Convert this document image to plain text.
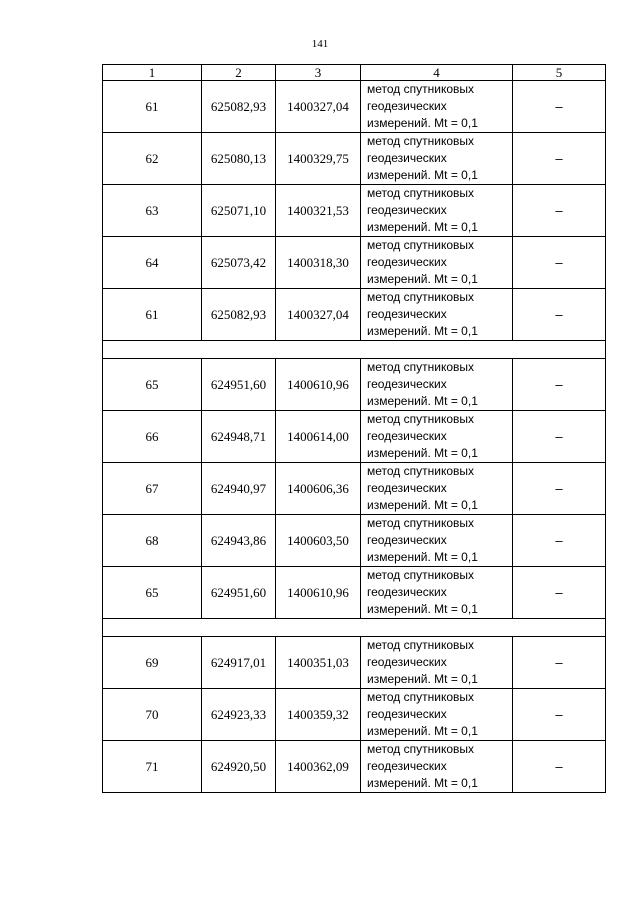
141
1	2	3	4	5
61	625082,93	1400327,04	метод спутниковых
геодезических
измерений. Mt = 0,1	–
62	625080,13	1400329,75	метод спутниковых
геодезических
измерений. Mt = 0,1	–
63	625071,10	1400321,53	метод спутниковых
геодезических
измерений. Mt = 0,1	–
64	625073,42	1400318,30	метод спутниковых
геодезических
измерений. Mt = 0,1	–
61	625082,93	1400327,04	метод спутниковых
геодезических
измерений. Mt = 0,1	–

65	624951,60	1400610,96	метод спутниковых
геодезических
измерений. Mt = 0,1	–
66	624948,71	1400614,00	метод спутниковых
геодезических
измерений. Mt = 0,1	–
67	624940,97	1400606,36	метод спутниковых
геодезических
измерений. Mt = 0,1	–
68	624943,86	1400603,50	метод спутниковых
геодезических
измерений. Mt = 0,1	–
65	624951,60	1400610,96	метод спутниковых
геодезических
измерений. Mt = 0,1	–

69	624917,01	1400351,03	метод спутниковых
геодезических
измерений. Mt = 0,1	–
70	624923,33	1400359,32	метод спутниковых
геодезических
измерений. Mt = 0,1	–
71	624920,50	1400362,09	метод спутниковых
геодезических
измерений. Mt = 0,1	–
